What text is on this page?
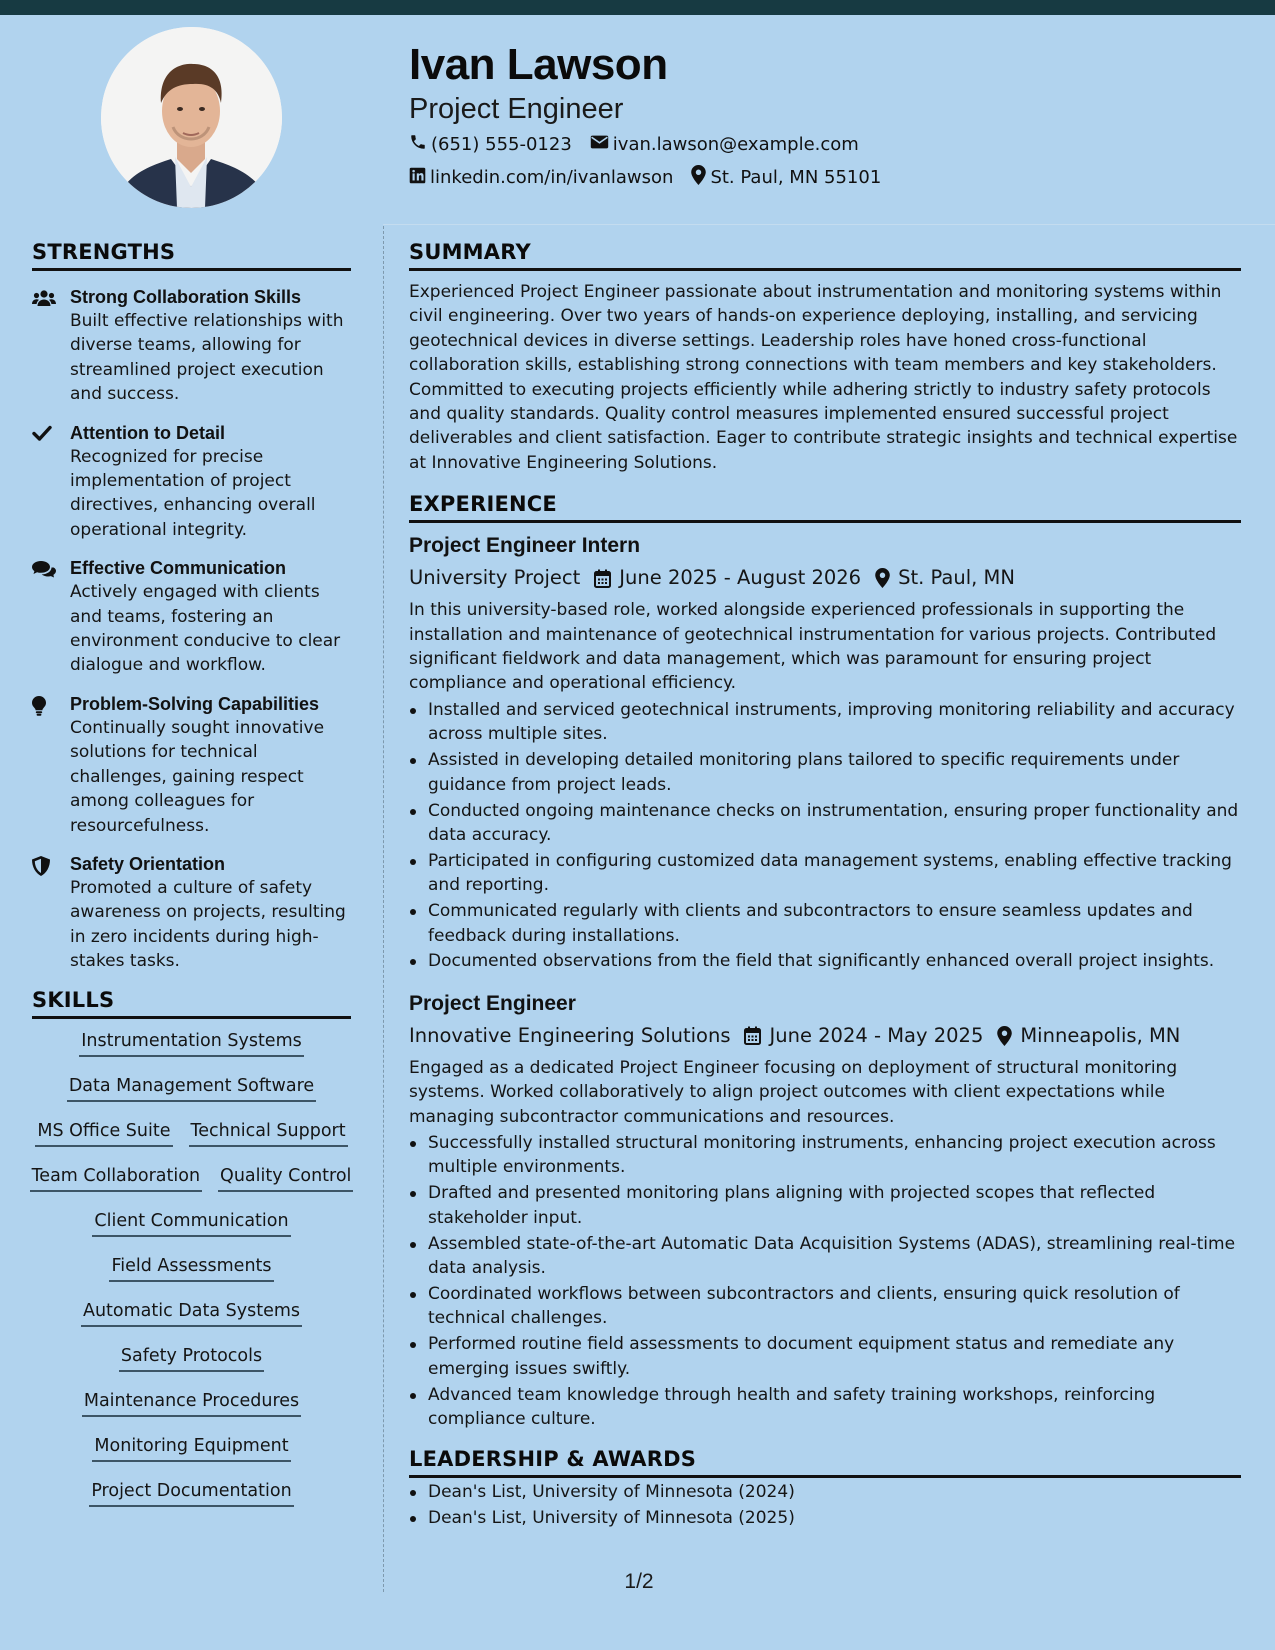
Ivan Lawson
Project Engineer
(651) 555-0123 ivan.lawson@example.com
linkedin.com/in/ivanlawson St. Paul, MN 55101
STRENGTHS
Strong Collaboration Skills
Built effective relationships with diverse teams, allowing for streamlined project execution and success.
Attention to Detail
Recognized for precise implementation of project directives, enhancing overall operational integrity.
Effective Communication
Actively engaged with clients and teams, fostering an environment conducive to clear dialogue and workflow.
Problem-Solving Capabilities
Continually sought innovative solutions for technical challenges, gaining respect among colleagues for resourcefulness.
Safety Orientation
Promoted a culture of safety awareness on projects, resulting in zero incidents during high-stakes tasks.
SKILLS
Instrumentation Systems
Data Management Software
MS Office Suite Technical Support
Team Collaboration Quality Control
Client Communication
Field Assessments
Automatic Data Systems
Safety Protocols
Maintenance Procedures
Monitoring Equipment
Project Documentation
SUMMARY
Experienced Project Engineer passionate about instrumentation and monitoring systems within civil engineering. Over two years of hands-on experience deploying, installing, and servicing geotechnical devices in diverse settings. Leadership roles have honed cross-functional collaboration skills, establishing strong connections with team members and key stakeholders. Committed to executing projects efficiently while adhering strictly to industry safety protocols and quality standards. Quality control measures implemented ensured successful project deliverables and client satisfaction. Eager to contribute strategic insights and technical expertise at Innovative Engineering Solutions.
EXPERIENCE
Project Engineer Intern
University Project June 2025 - August 2026 St. Paul, MN
In this university-based role, worked alongside experienced professionals in supporting the installation and maintenance of geotechnical instrumentation for various projects. Contributed significant fieldwork and data management, which was paramount for ensuring project compliance and operational efficiency.
Installed and serviced geotechnical instruments, improving monitoring reliability and accuracy across multiple sites.
Assisted in developing detailed monitoring plans tailored to specific requirements under guidance from project leads.
Conducted ongoing maintenance checks on instrumentation, ensuring proper functionality and data accuracy.
Participated in configuring customized data management systems, enabling effective tracking and reporting.
Communicated regularly with clients and subcontractors to ensure seamless updates and feedback during installations.
Documented observations from the field that significantly enhanced overall project insights.
Project Engineer
Innovative Engineering Solutions June 2024 - May 2025 Minneapolis, MN
Engaged as a dedicated Project Engineer focusing on deployment of structural monitoring systems. Worked collaboratively to align project outcomes with client expectations while managing subcontractor communications and resources.
Successfully installed structural monitoring instruments, enhancing project execution across multiple environments.
Drafted and presented monitoring plans aligning with projected scopes that reflected stakeholder input.
Assembled state-of-the-art Automatic Data Acquisition Systems (ADAS), streamlining real-time data analysis.
Coordinated workflows between subcontractors and clients, ensuring quick resolution of technical challenges.
Performed routine field assessments to document equipment status and remediate any emerging issues swiftly.
Advanced team knowledge through health and safety training workshops, reinforcing compliance culture.
LEADERSHIP & AWARDS
Dean's List, University of Minnesota (2024)
Dean's List, University of Minnesota (2025)
1/2
